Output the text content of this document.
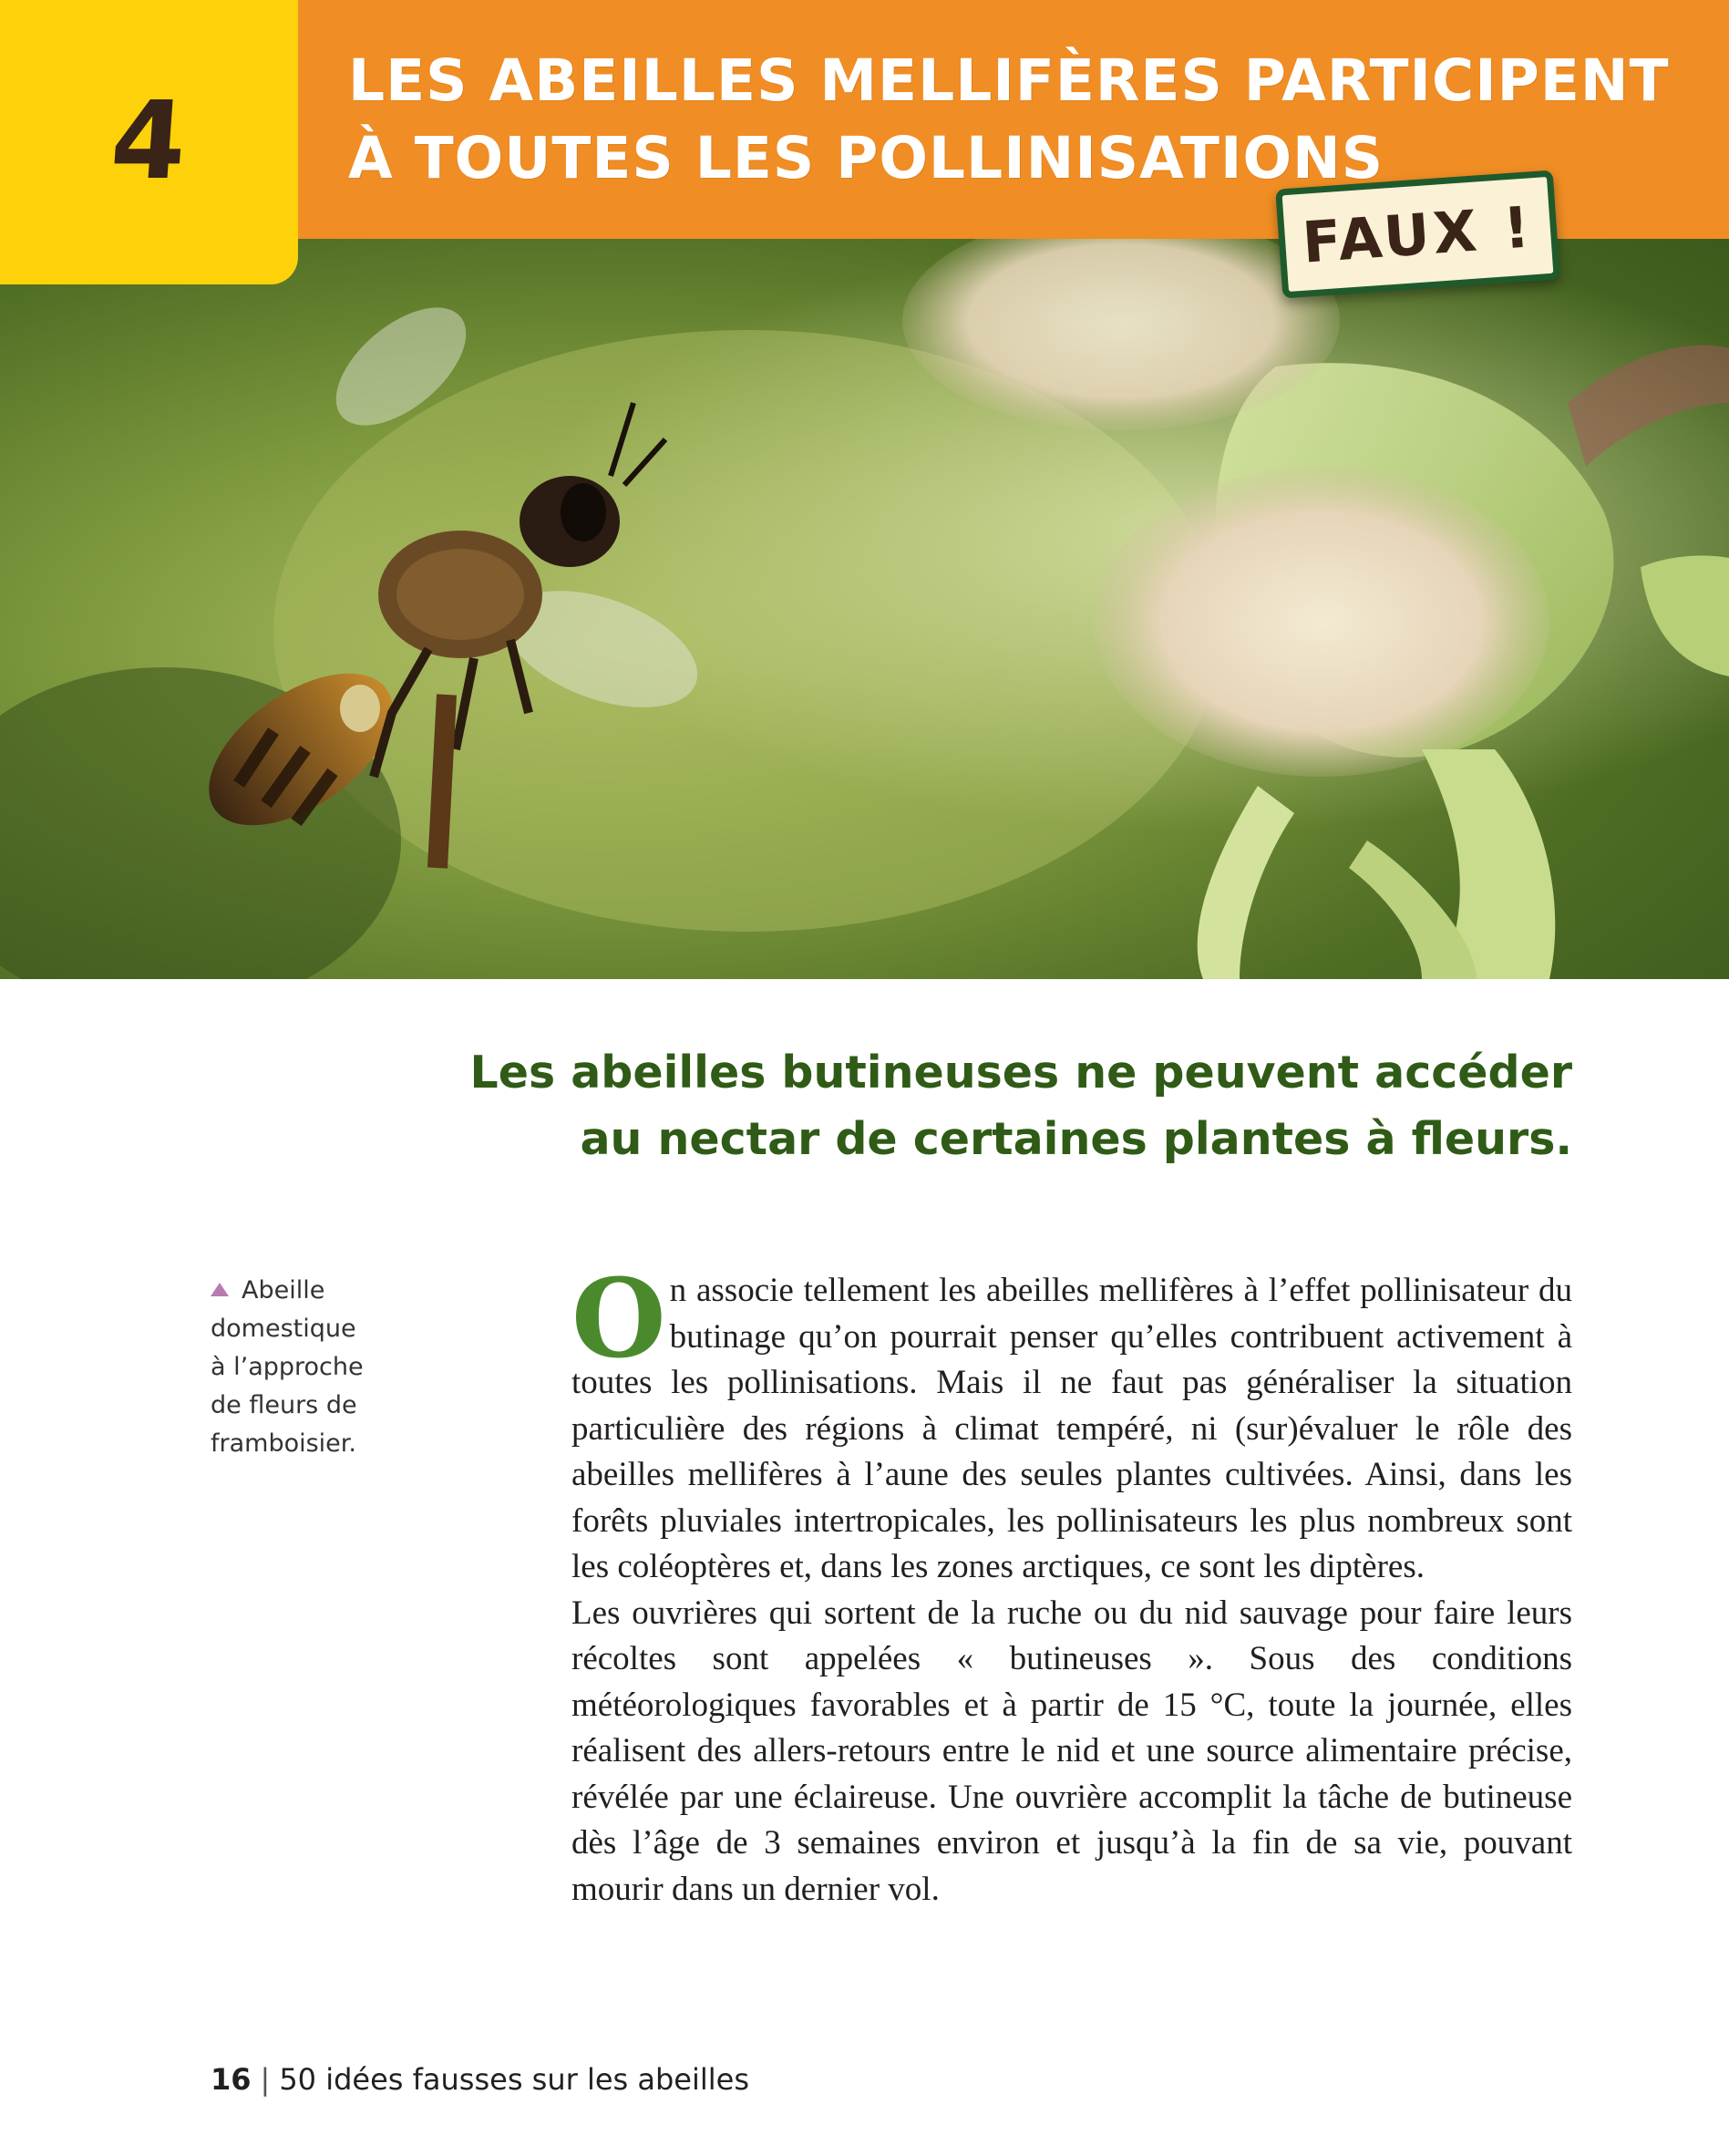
4	LES ABEILLES MELLIFÈRES PARTICIPENT
À TOUTES LES POLLINISATIONS
FAUX !
Les abeilles butineuses ne peuvent accéder
au nectar de certaines plantes à fleurs.

Abeille
domestique
à l’approche
de fleurs de
framboisier.

On associe tellement les abeilles mellifères à l’effet pollinisateur du butinage qu’on pourrait penser qu’elles contribuent activement à toutes les pollinisations. Mais il ne faut pas généraliser la situation particulière des régions à climat tempéré, ni (sur)évaluer le rôle des abeilles mellifères à l’aune des seules plantes cultivées. Ainsi, dans les forêts pluviales intertropicales, les pollinisateurs les plus nombreux sont les coléoptères et, dans les zones arctiques, ce sont les diptères.

Les ouvrières qui sortent de la ruche ou du nid sauvage pour faire leurs récoltes sont appelées « butineuses ». Sous des conditions météorologiques favorables et à partir de 15 °C, toute la journée, elles réalisent des allers-retours entre le nid et une source alimentaire précise, révélée par une éclaireuse. Une ouvrière accomplit la tâche de butineuse dès l’âge de 3 semaines environ et jusqu’à la fin de sa vie, pouvant mourir dans un dernier vol.

16 | 50 idées fausses sur les abeilles
